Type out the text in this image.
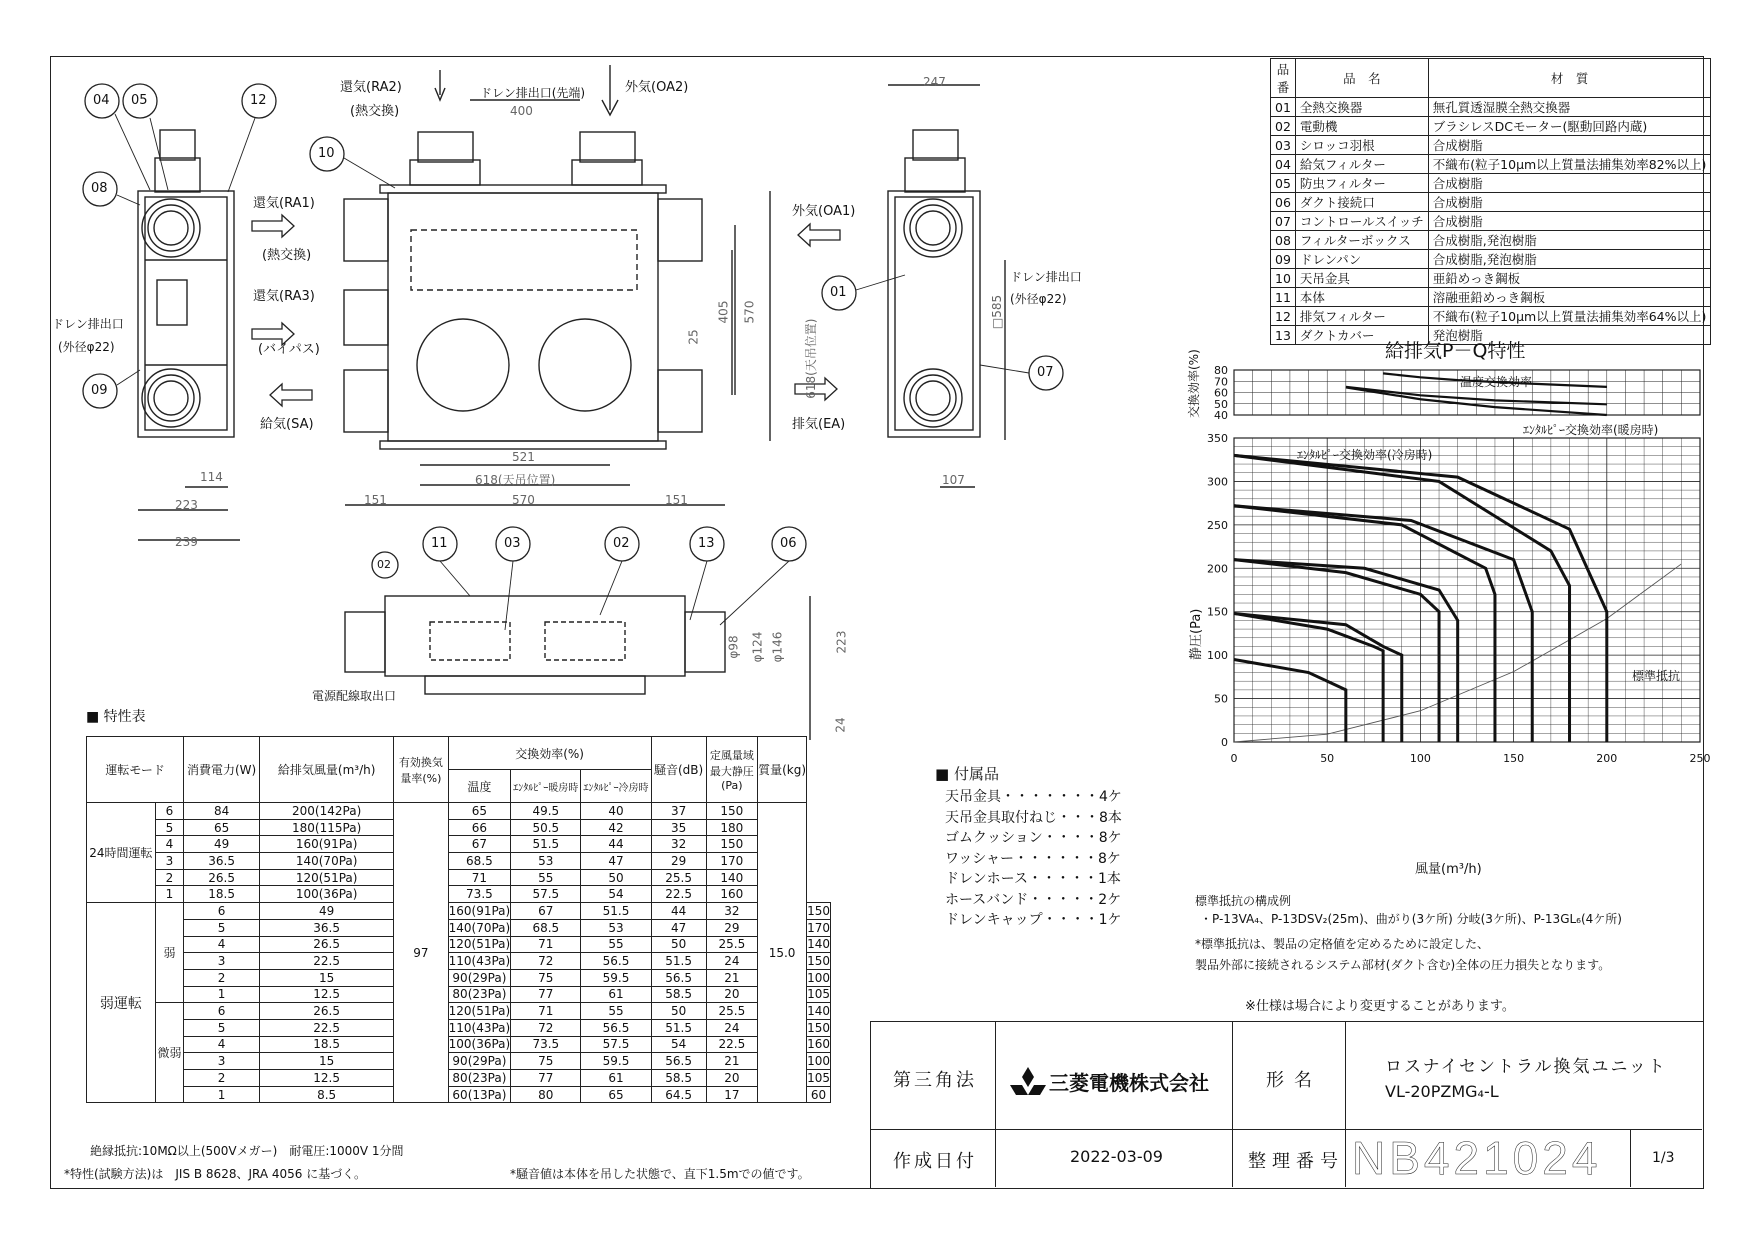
04 05	12
08
09
10
01
07
11	03	02	13	06
02
還気(RA2)
(熱交換)
ドレン排出口(先端)	外気(OA2)
還気(RA1)
(熱交換)
還気(RA3)
(バイパス)
給気(SA)
外気(OA1)
排気(EA)
ドレン排出口
(外径φ22)
ドレン排出口
(外径φ22)
電源配線取出口
400
405 570
25	618(天吊位置)
521
618(天吊位置)
570
151	151
114
223
239
247
□585
107
223
24
φ98 φ124 φ146
品番	品　名	材　質
01	全熱交換器	無孔質透湿膜全熱交換器
02	電動機	ブラシレスDCモーター(駆動回路内蔵)
03	シロッコ羽根	合成樹脂
04	給気フィルター	不織布(粒子10μm以上質量法捕集効率82%以上)
05	防虫フィルター	合成樹脂
06	ダクト接続口	合成樹脂
07	コントロールスイッチ	合成樹脂
08	フィルターボックス	合成樹脂,発泡樹脂
09	ドレンパン	合成樹脂,発泡樹脂
10	天吊金具	亜鉛めっき鋼板
11	本体	溶融亜鉛めっき鋼板
12	排気フィルター	不織布(粒子10μm以上質量法捕集効率64%以上)
13	ダクトカバー	発泡樹脂
給排気P－Q特性
80
70
60
50
40
350
300
250
200
150
100
50
0
0	50	100	150	200	250
交換効率(%)
静圧(Pa)
風量(m³/h)
温度交換効率
ｴﾝﾀﾙﾋﾟｰ交換効率(暖房時)
ｴﾝﾀﾙﾋﾟｰ交換効率(冷房時)
標準抵抗
標準抵抗の構成例
・P-13VA₄、P-13DSV₂(25m)、曲がり(3ケ所) 分岐(3ケ所)、P-13GL₆(4ケ所)
*標準抵抗は、製品の定格値を定めるために設定した、
製品外部に接続されるシステム部材(ダクト含む)全体の圧力損失となります。
※仕様は場合により変更することがあります。
■ 特性表
運転モード		消費電力(W)	給排気風量(m³/h)	有効換気量率(%)	交換効率(%)			騒音(dB)	定風量域最大静圧(Pa)	質量(kg)	
					温度	ｴﾝﾀﾙﾋﾟｰ暖房時	ｴﾝﾀﾙﾋﾟｰ冷房時				
24時間運転	6	84	200(142Pa)	97	65	49.5	40	37	150	15.0	
	5	65	180(115Pa)		66	50.5	42	35	180		
	4	49	160(91Pa)		67	51.5	44	32	150		
	3	36.5	140(70Pa)		68.5	53	47	29	170		
	2	26.5	120(51Pa)		71	55	50	25.5	140		
	1	18.5	100(36Pa)		73.5	57.5	54	22.5	160		
弱運転	弱	6	49		160(91Pa)	67	51.5	44	32		150
		5	36.5		140(70Pa)	68.5	53	47	29		170
		4	26.5		120(51Pa)	71	55	50	25.5		140
		3	22.5		110(43Pa)	72	56.5	51.5	24		150
		2	15		90(29Pa)	75	59.5	56.5	21		100
		1	12.5		80(23Pa)	77	61	58.5	20		105
	微弱	6	26.5		120(51Pa)	71	55	50	25.5		140
		5	22.5		110(43Pa)	72	56.5	51.5	24		150
		4	18.5		100(36Pa)	73.5	57.5	54	22.5		160
		3	15		90(29Pa)	75	59.5	56.5	21		100
		2	12.5		80(23Pa)	77	61	58.5	20		105
		1	8.5		60(13Pa)	80	65	64.5	17		60
絶縁抵抗:10MΩ以上(500Vメガー)　耐電圧:1000V 1分間
*特性(試験方法)は　JIS B 8628、JRA 4056 に基づく。	*騒音値は本体を吊した状態で、直下1.5mでの値です。
■ 付属品
天吊金具・・・・・・・4ケ
天吊金具取付ねじ・・・8本
ゴムクッション・・・・8ケ
ワッシャー・・・・・・8ケ
ドレンホース・・・・・1本
ホースバンド・・・・・2ケ
ドレンキャップ・・・・1ケ
第三角法	三菱電機株式会社	形名
ロスナイセントラル換気ユニット
VL-20PZMG₄-L
作成日付	2022-03-09	整理番号 NB421024	1/3
